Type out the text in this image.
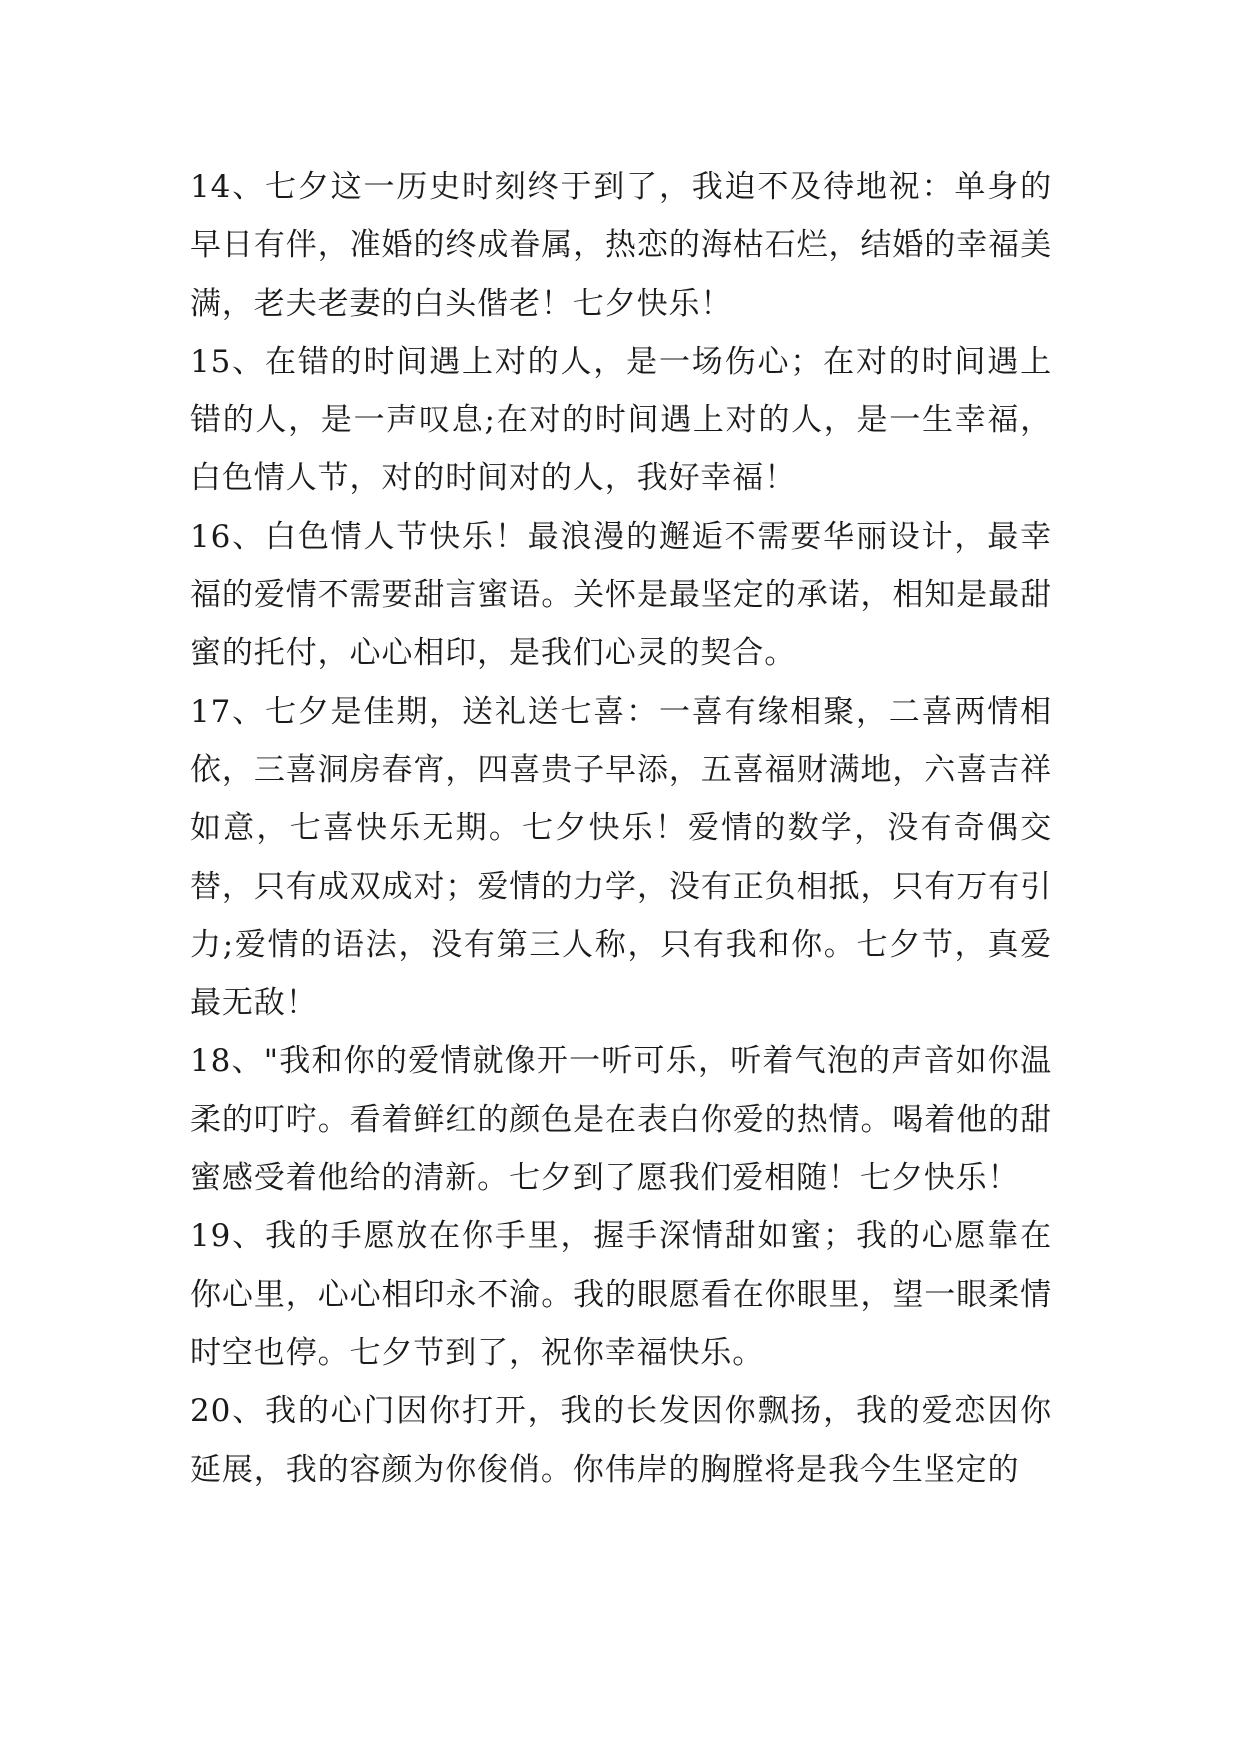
14、七夕这一历史时刻终于到了，我迫不及待地祝：单身的早日有伴，准婚的终成眷属，热恋的海枯石烂，结婚的幸福美满，老夫老妻的白头偕老！七夕快乐！

15、在错的时间遇上对的人，是一场伤心；在对的时间遇上错的人，是一声叹息;在对的时间遇上对的人，是一生幸福，白色情人节，对的时间对的人，我好幸福！

16、白色情人节快乐！最浪漫的邂逅不需要华丽设计，最幸福的爱情不需要甜言蜜语。关怀是最坚定的承诺，相知是最甜蜜的托付，心心相印，是我们心灵的契合。

17、七夕是佳期，送礼送七喜：一喜有缘相聚，二喜两情相依，三喜洞房春宵，四喜贵子早添，五喜福财满地，六喜吉祥如意，七喜快乐无期。七夕快乐！爱情的数学，没有奇偶交替，只有成双成对；爱情的力学，没有正负相抵，只有万有引力;爱情的语法，没有第三人称，只有我和你。七夕节，真爱最无敌！

18、"我和你的爱情就像开一听可乐，听着气泡的声音如你温柔的叮咛。看着鲜红的颜色是在表白你爱的热情。喝着他的甜蜜感受着他给的清新。七夕到了愿我们爱相随！七夕快乐！

19、我的手愿放在你手里，握手深情甜如蜜；我的心愿靠在你心里，心心相印永不渝。我的眼愿看在你眼里，望一眼柔情时空也停。七夕节到了，祝你幸福快乐。

20、我的心门因你打开，我的长发因你飘扬，我的爱恋因你延展，我的容颜为你俊俏。你伟岸的胸膛将是我今生坚定的
